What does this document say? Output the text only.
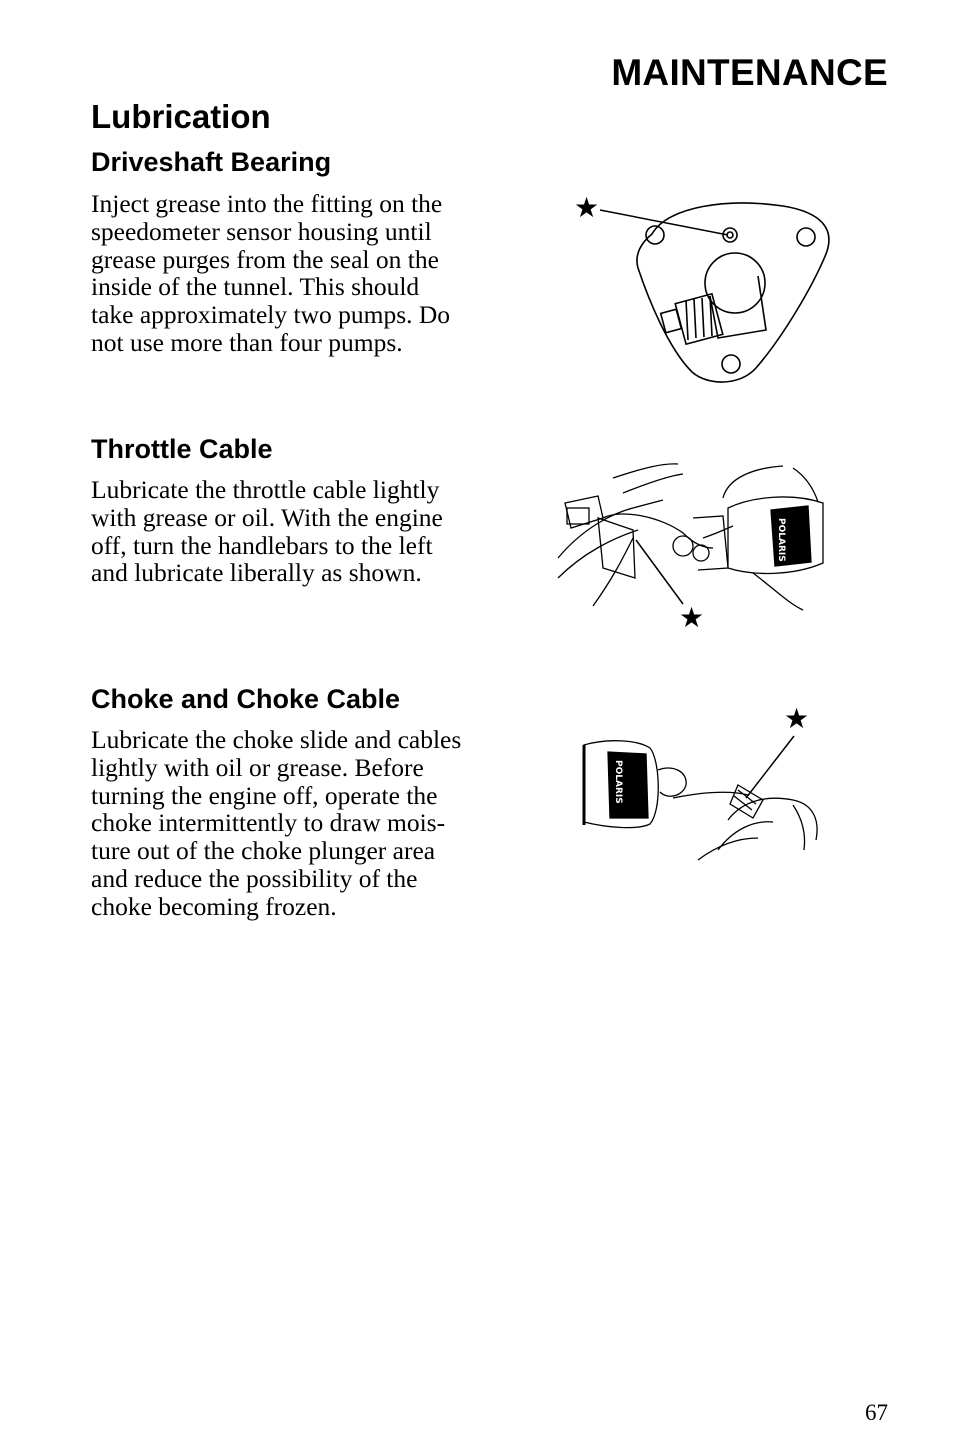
MAINTENANCE
Lubrication
Driveshaft Bearing

Inject grease into the fitting on the
speedometer sensor housing until
grease purges from the seal on the
inside of the tunnel. This should
take approximately two pumps. Do
not use more than four pumps.

★
Throttle Cable

Lubricate the throttle cable lightly
with grease or oil. With the engine
off, turn the handlebars to the left
and lubricate liberally as shown.

POLARIS
★
Choke and Choke Cable

Lubricate the choke slide and cables
lightly with oil or grease. Before
turning the engine off, operate the
choke intermittently to draw mois-
ture out of the choke plunger area
and reduce the possibility of the
choke becoming frozen.

★
POLARIS
67
